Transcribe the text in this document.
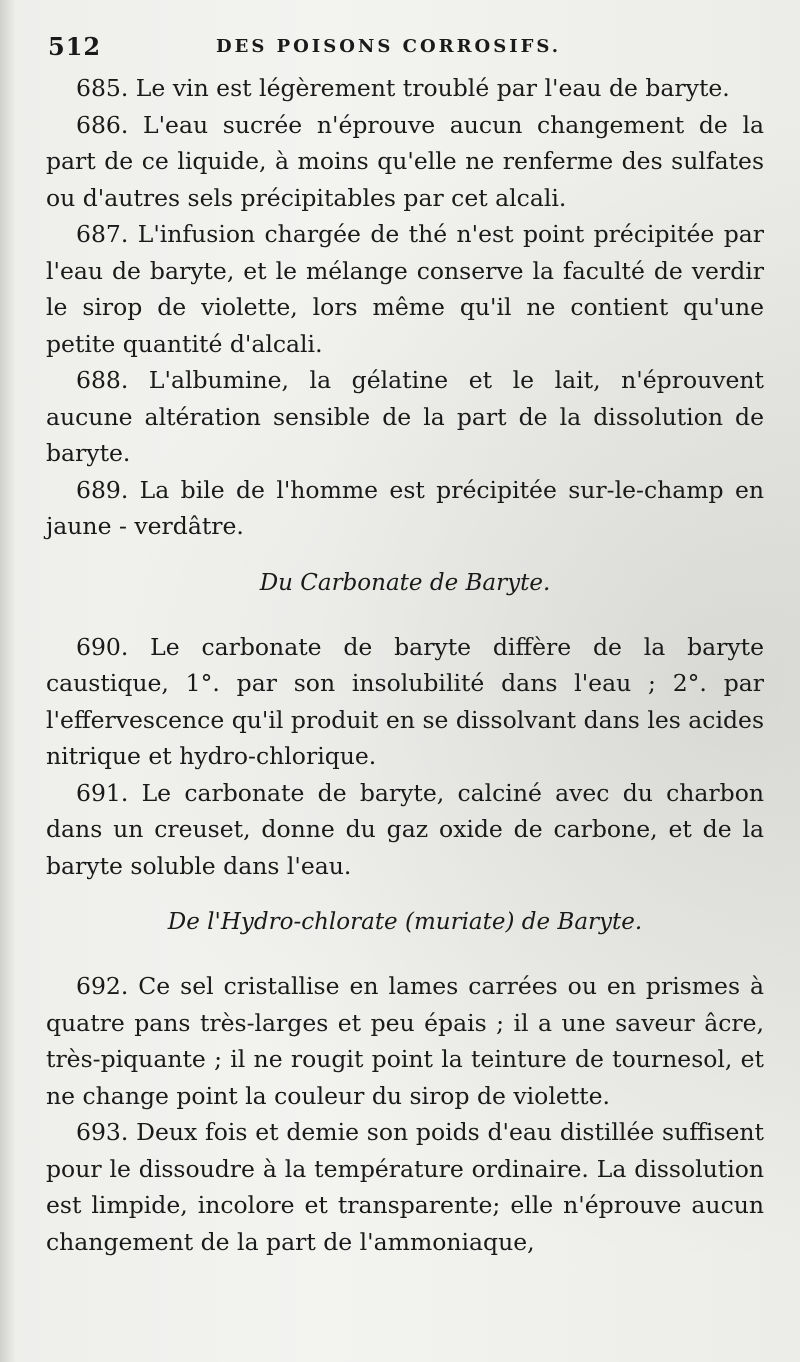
512	DES POISONS CORROSIFS.

685. Le vin est légèrement troublé par l'eau de baryte.

686. L'eau sucrée n'éprouve aucun changement de la part de ce liquide, à moins qu'elle ne renferme des sulfates ou d'autres sels précipitables par cet alcali.

687. L'infusion chargée de thé n'est point précipitée par l'eau de baryte, et le mélange conserve la faculté de verdir le sirop de violette, lors même qu'il ne contient qu'une petite quantité d'alcali.

688. L'albumine, la gélatine et le lait, n'éprouvent aucune altération sensible de la part de la dissolution de baryte.

689. La bile de l'homme est précipitée sur-le-champ en jaune - verdâtre.

Du Carbonate de Baryte.

690. Le carbonate de baryte diffère de la baryte caustique, 1°. par son insolubilité dans l'eau ; 2°. par l'effervescence qu'il produit en se dissolvant dans les acides nitrique et hydro-chlorique.

691. Le carbonate de baryte, calciné avec du charbon dans un creuset, donne du gaz oxide de carbone, et de la baryte soluble dans l'eau.

De l'Hydro-chlorate (muriate) de Baryte.

692. Ce sel cristallise en lames carrées ou en prismes à quatre pans très-larges et peu épais ; il a une saveur âcre, très-piquante ; il ne rougit point la teinture de tournesol, et ne change point la couleur du sirop de violette.

693. Deux fois et demie son poids d'eau distillée suffisent pour le dissoudre à la température ordinaire. La dissolution est limpide, incolore et transparente; elle n'éprouve aucun changement de la part de l'ammoniaque,
